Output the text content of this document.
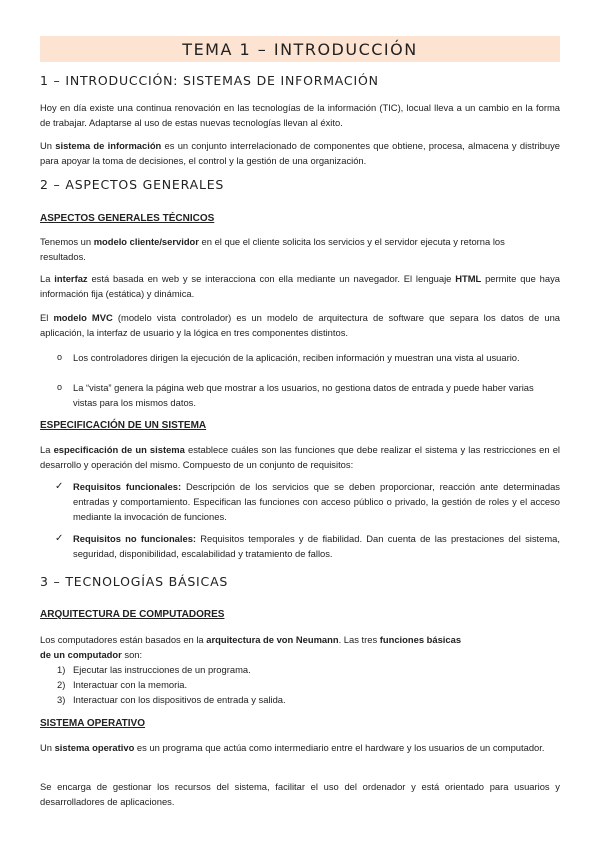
TEMA 1 – INTRODUCCIÓN
1 – INTRODUCCIÓN: SISTEMAS DE INFORMACIÓN
Hoy en día existe una continua renovación en las tecnologías de la información (TIC), locual lleva a un cambio en la forma de trabajar. Adaptarse al uso de estas nuevas tecnologías llevan al éxito.
Un sistema de información es un conjunto interrelacionado de componentes que obtiene, procesa, almacena y distribuye para apoyar la toma de decisiones, el control y la gestión de una organización.
2 – ASPECTOS GENERALES
ASPECTOS GENERALES TÉCNICOS
Tenemos un modelo cliente/servidor en el que el cliente solicita los servicios y el servidor ejecuta y retorna los resultados.
La interfaz está basada en web y se interacciona con ella mediante un navegador. El lenguaje HTML permite que haya información fija (estática) y dinámica.
El modelo MVC (modelo vista controlador) es un modelo de arquitectura de software que separa los datos de una aplicación, la interfaz de usuario y la lógica en tres componentes distintos.
o Los controladores dirigen la ejecución de la aplicación, reciben información y muestran una vista al usuario.
o La “vista” genera la página web que mostrar a los usuarios, no gestiona datos de entrada y puede haber varias vistas para los mismos datos.
ESPECIFICACIÓN DE UN SISTEMA
La especificación de un sistema establece cuáles son las funciones que debe realizar el sistema y las restricciones en el desarrollo y operación del mismo. Compuesto de un conjunto de requisitos:
✓ Requisitos funcionales: Descripción de los servicios que se deben proporcionar, reacción ante determinadas entradas y comportamiento. Especifican las funciones con acceso público o privado, la gestión de roles y el acceso mediante la invocación de funciones.
✓ Requisitos no funcionales: Requisitos temporales y de fiabilidad. Dan cuenta de las prestaciones del sistema, seguridad, disponibilidad, escalabilidad y tratamiento de fallos.
3 – TECNOLOGÍAS BÁSICAS
ARQUITECTURA DE COMPUTADORES
Los computadores están basados en la arquitectura de von Neumann. Las tres funciones básicas de un computador son:
1) Ejecutar las instrucciones de un programa.
2) Interactuar con la memoria.
3) Interactuar con los dispositivos de entrada y salida.
SISTEMA OPERATIVO
Un sistema operativo es un programa que actúa como intermediario entre el hardware y los usuarios de un computador.
Se encarga de gestionar los recursos del sistema, facilitar el uso del ordenador y está orientado para usuarios y desarrolladores de aplicaciones.
